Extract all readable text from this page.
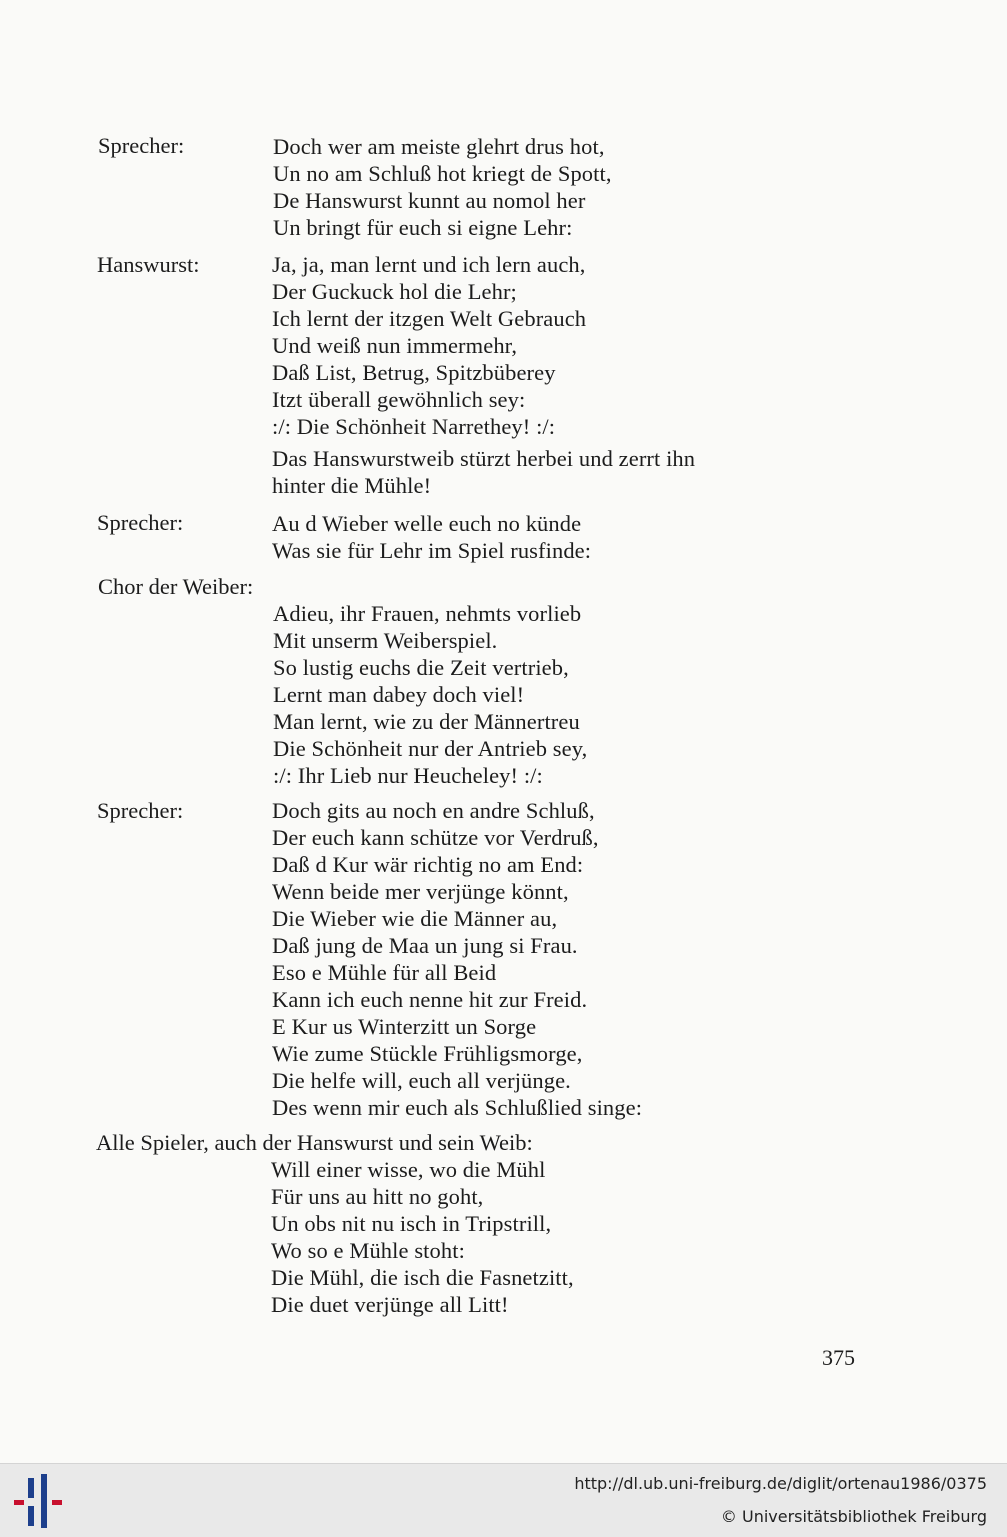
Sprecher:	Doch wer am meiste glehrt drus hot,
Un no am Schluß hot kriegt de Spott,
De Hanswurst kunnt au nomol her
Un bringt für euch si eigne Lehr:
Hanswurst:	Ja, ja, man lernt und ich lern auch,
Der Guckuck hol die Lehr;
Ich lernt der itzgen Welt Gebrauch
Und weiß nun immermehr,
Daß List, Betrug, Spitzbüberey
Itzt überall gewöhnlich sey:
:/: Die Schönheit Narrethey! :/:
Das Hanswurstweib stürzt herbei und zerrt ihn
hinter die Mühle!
Sprecher:	Au d Wieber welle euch no künde
Was sie für Lehr im Spiel rusfinde:
Chor der Weiber:
Adieu, ihr Frauen, nehmts vorlieb
Mit unserm Weiberspiel.
So lustig euchs die Zeit vertrieb,
Lernt man dabey doch viel!
Man lernt, wie zu der Männertreu
Die Schönheit nur der Antrieb sey,
:/: Ihr Lieb nur Heucheley! :/:
Sprecher:	Doch gits au noch en andre Schluß,
Der euch kann schütze vor Verdruß,
Daß d Kur wär richtig no am End:
Wenn beide mer verjünge könnt,
Die Wieber wie die Männer au,
Daß jung de Maa un jung si Frau.
Eso e Mühle für all Beid
Kann ich euch nenne hit zur Freid.
E Kur us Winterzitt un Sorge
Wie zume Stückle Frühligsmorge,
Die helfe will, euch all verjünge.
Des wenn mir euch als Schlußlied singe:
Alle Spieler, auch der Hanswurst und sein Weib:
Will einer wisse, wo die Mühl
Für uns au hitt no goht,
Un obs nit nu isch in Tripstrill,
Wo so e Mühle stoht:
Die Mühl, die isch die Fasnetzitt,
Die duet verjünge all Litt!
375
http://dl.ub.uni-freiburg.de/diglit/ortenau1986/0375
© Universitätsbibliothek Freiburg
